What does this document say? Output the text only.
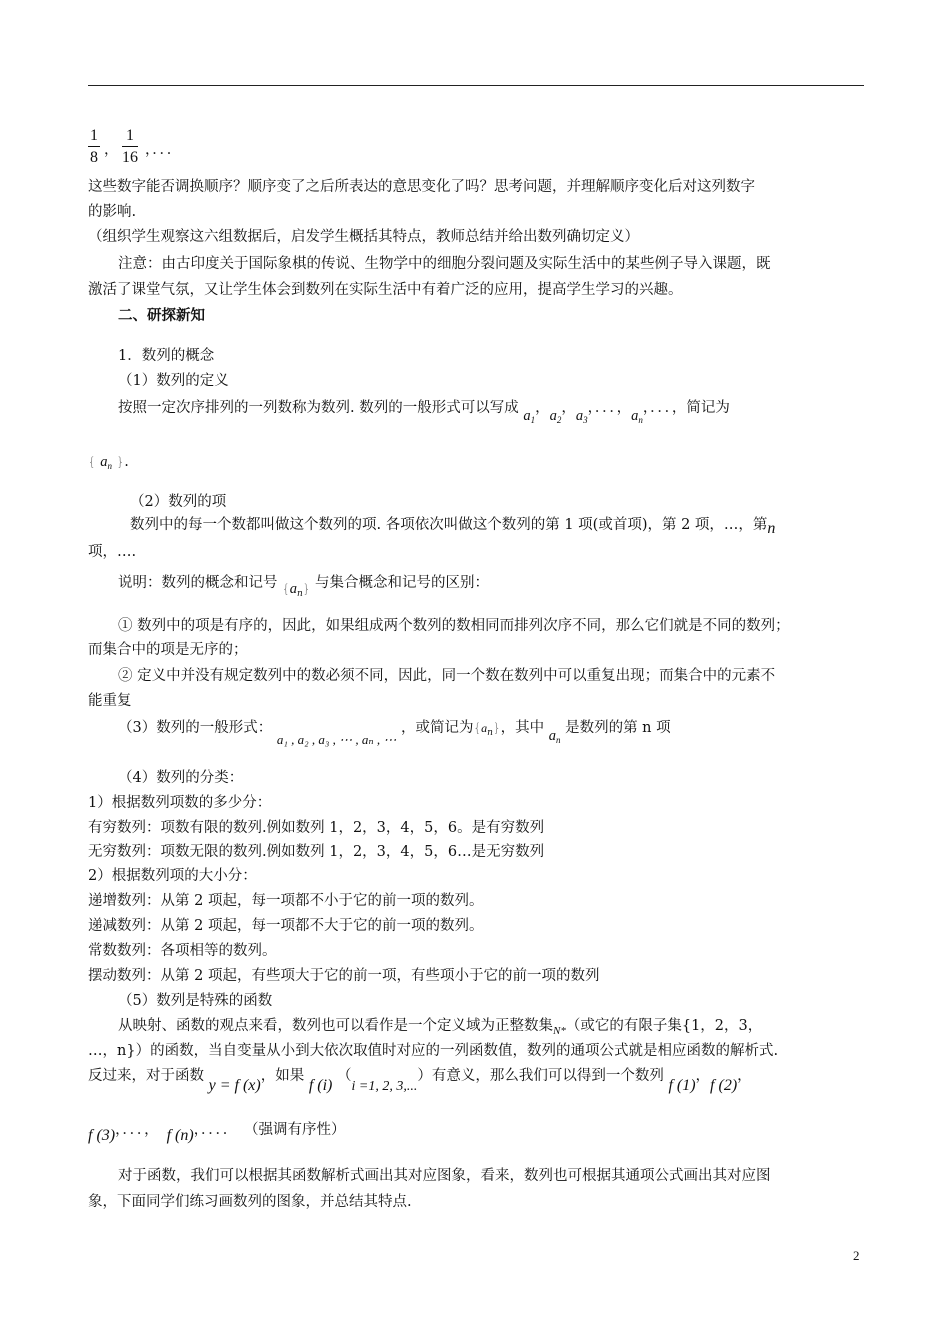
$\frac{1}{8}$ ， $\frac{1}{16}$ ，．．．
这些数字能否调换顺序？顺序变了之后所表达的意思变化了吗？思考问题，并理解顺序变化后对这列数字
的影响.
（组织学生观察这六组数据后，启发学生概括其特点，教师总结并给出数列确切定义）
注意：由古印度关于国际象棋的传说、生物学中的细胞分裂问题及实际生活中的某些例子导入课题，既
激活了课堂气氛，又让学生体会到数列在实际生活中有着广泛的应用，提高学生学习的兴趣。
二、研探新知
1．数列的概念
（1）数列的定义
按照一定次序排列的一列数称为数列. 数列的一般形式可以写成 $a_1$，$a_2$，$a_3$，．．．，$a_n$，．．．，简记为
{ $a_n$ }.
（2）数列的项
数列中的每一个数都叫做这个数列的项. 各项依次叫做这个数列的第 1 项(或首项)，第 2 项，…，第n
项，….
说明：数列的概念和记号 $\{a_n\}$ 与集合概念和记号的区别：
① 数列中的项是有序的，因此，如果组成两个数列的数相同而排列次序不同，那么它们就是不同的数列；
而集合中的项是无序的；
② 定义中并没有规定数列中的数必须不同，因此，同一个数在数列中可以重复出现；而集合中的元素不
能重复
（3）数列的一般形式： a₁ , a₂ , a₃ , ⋯ , aₙ , ⋯ ，或简记为$\{a_n\}$，其中 $a_n$ 是数列的第 n 项
（4）数列的分类：
1）根据数列项数的多少分：
有穷数列：项数有限的数列.例如数列 1，2，3，4，5，6。是有穷数列
无穷数列：项数无限的数列.例如数列 1，2，3，4，5，6…是无穷数列
2）根据数列项的大小分：
递增数列：从第 2 项起，每一项都不小于它的前一项的数列。
递减数列：从第 2 项起，每一项都不大于它的前一项的数列。
常数数列：各项相等的数列。
摆动数列：从第 2 项起，有些项大于它的前一项，有些项小于它的前一项的数列
（5）数列是特殊的函数
从映射、函数的观点来看，数列也可以看作是一个定义域为正整数集$_{N*}$（或它的有限子集{1，2，3，
…，n}）的函数，当自变量从小到大依次取值时对应的一列函数值，数列的通项公式就是相应函数的解析式.
反过来，对于函数 y = f (x)，如果 f (i) （i =1, 2, 3,...）有意义，那么我们可以得到一个数列 f (1)，f (2)，
f (3)，．．．， f (n)，．．．． （强调有序性）
对于函数，我们可以根据其函数解析式画出其对应图象，看来，数列也可根据其通项公式画出其对应图
象，下面同学们练习画数列的图象，并总结其特点.
2
